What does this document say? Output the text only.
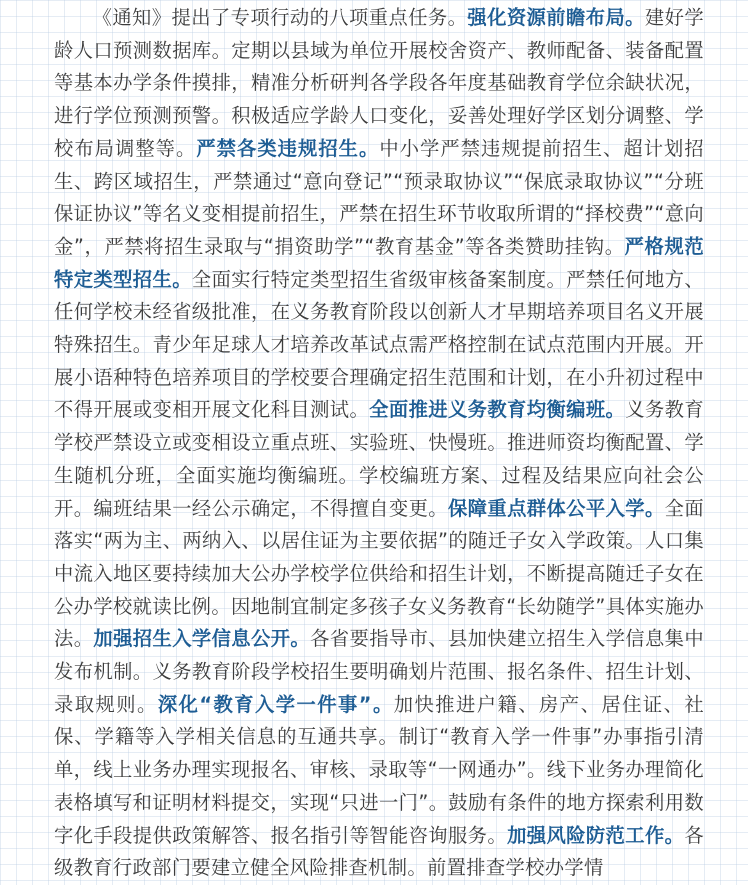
《通知》提出了专项行动的八项重点任务。强化资源前瞻布局。建好学龄人口预测数据库。定期以县域为单位开展校舍资产、教师配备、装备配置等基本办学条件摸排，精准分析研判各学段各年度基础教育学位余缺状况，进行学位预测预警。积极适应学龄人口变化，妥善处理好学区划分调整、学校布局调整等。严禁各类违规招生。中小学严禁违规提前招生、超计划招生、跨区域招生，严禁通过“意向登记”“预录取协议”“保底录取协议”“分班保证协议”等名义变相提前招生，严禁在招生环节收取所谓的“择校费”“意向金”，严禁将招生录取与“捐资助学”“教育基金”等各类赞助挂钩。严格规范特定类型招生。全面实行特定类型招生省级审核备案制度。严禁任何地方、任何学校未经省级批准，在义务教育阶段以创新人才早期培养项目名义开展特殊招生。青少年足球人才培养改革试点需严格控制在试点范围内开展。开展小语种特色培养项目的学校要合理确定招生范围和计划，在小升初过程中不得开展或变相开展文化科目测试。全面推进义务教育均衡编班。义务教育学校严禁设立或变相设立重点班、实验班、快慢班。推进师资均衡配置、学生随机分班，全面实施均衡编班。学校编班方案、过程及结果应向社会公开。编班结果一经公示确定，不得擅自变更。保障重点群体公平入学。全面落实“两为主、两纳入、以居住证为主要依据”的随迁子女入学政策。人口集中流入地区要持续加大公办学校学位供给和招生计划，不断提高随迁子女在公办学校就读比例。因地制宜制定多孩子女义务教育“长幼随学”具体实施办法。加强招生入学信息公开。各省要指导市、县加快建立招生入学信息集中发布机制。义务教育阶段学校招生要明确划片范围、报名条件、招生计划、录取规则。深化“教育入学一件事”。加快推进户籍、房产、居住证、社保、学籍等入学相关信息的互通共享。制订“教育入学一件事”办事指引清单，线上业务办理实现报名、审核、录取等“一网通办”。线下业务办理简化表格填写和证明材料提交，实现“只进一门”。鼓励有条件的地方探索利用数字化手段提供政策解答、报名指引等智能咨询服务。加强风险防范工作。各级教育行政部门要建立健全风险排查机制。前置排查学校办学情
